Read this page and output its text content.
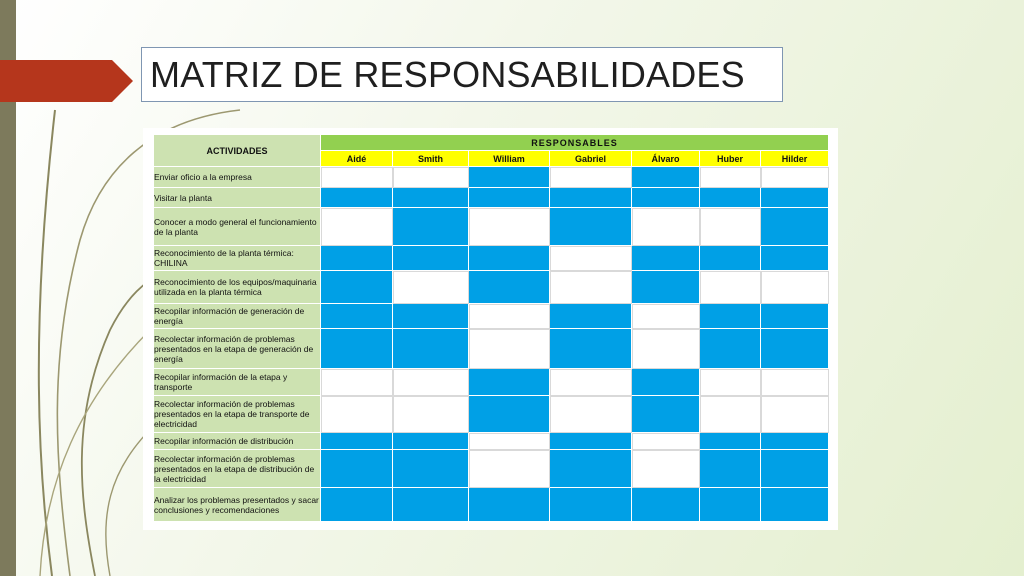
MATRIZ DE RESPONSABILIDADES
ACTIVIDADES	RESPONSABLES						
	Aidé	Smith	William	Gabriel	Álvaro	Huber	Hilder
Enviar oficio a la empresa							
Visitar la planta							
Conocer a modo general el funcionamiento de la planta							
Reconocimiento de la planta térmica: CHILINA							
Reconocimiento de los equipos/maquinaria utilizada en la planta térmica							
Recopilar información de generación de energía							
Recolectar información de problemas presentados en la etapa de generación de energía							
Recopilar información de la etapa y transporte							
Recolectar información de problemas presentados en la etapa de transporte de electricidad							
Recopilar información de distribución							
Recolectar información de problemas presentados en la etapa de distribución de la electricidad							
Analizar los problemas presentados y sacar conclusiones y recomendaciones							
